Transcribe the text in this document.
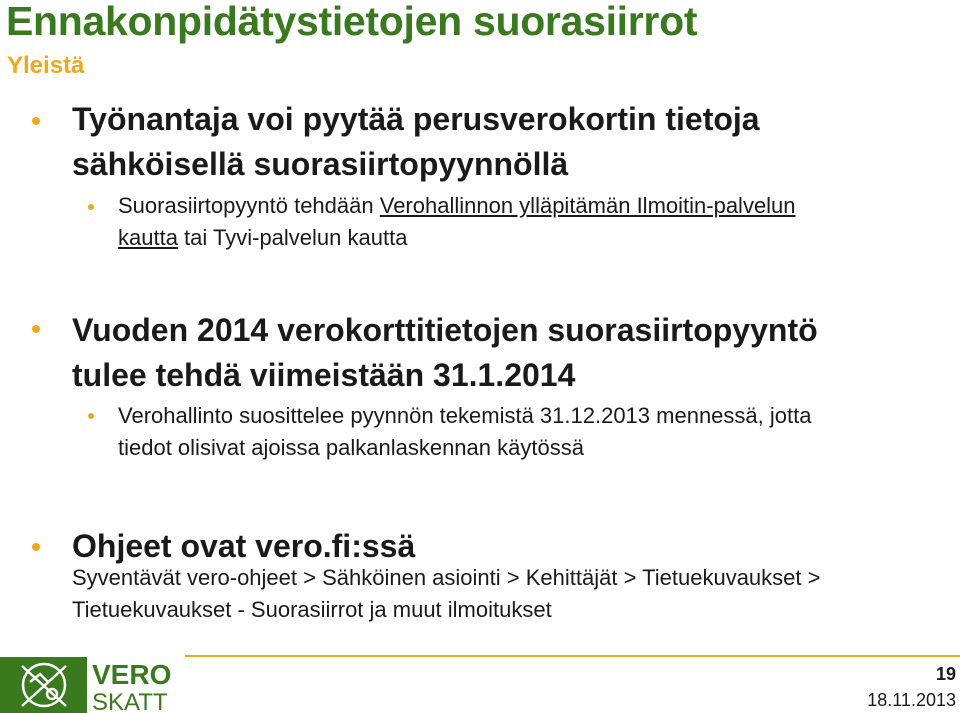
Ennakonpidätystietojen suorasiirrot
Yleistä
Työnantaja voi pyytää perusverokortin tietoja
sähköisellä suorasiirtopyynnöllä
Suorasiirtopyyntö tehdään Verohallinnon ylläpitämän Ilmoitin-palvelun
kautta tai Tyvi-palvelun kautta
Vuoden 2014 verokorttitietojen suorasiirtopyyntö
tulee tehdä viimeistään 31.1.2014
Verohallinto suosittelee pyynnön tekemistä 31.12.2013 mennessä, jotta
tiedot olisivat ajoissa palkanlaskennan käytössä
Ohjeet ovat vero.fi:ssä
Syventävät vero-ohjeet > Sähköinen asiointi > Kehittäjät > Tietuekuvaukset >
Tietuekuvaukset - Suorasiirrot ja muut ilmoitukset
VERO
SKATT
19
18.11.2013
